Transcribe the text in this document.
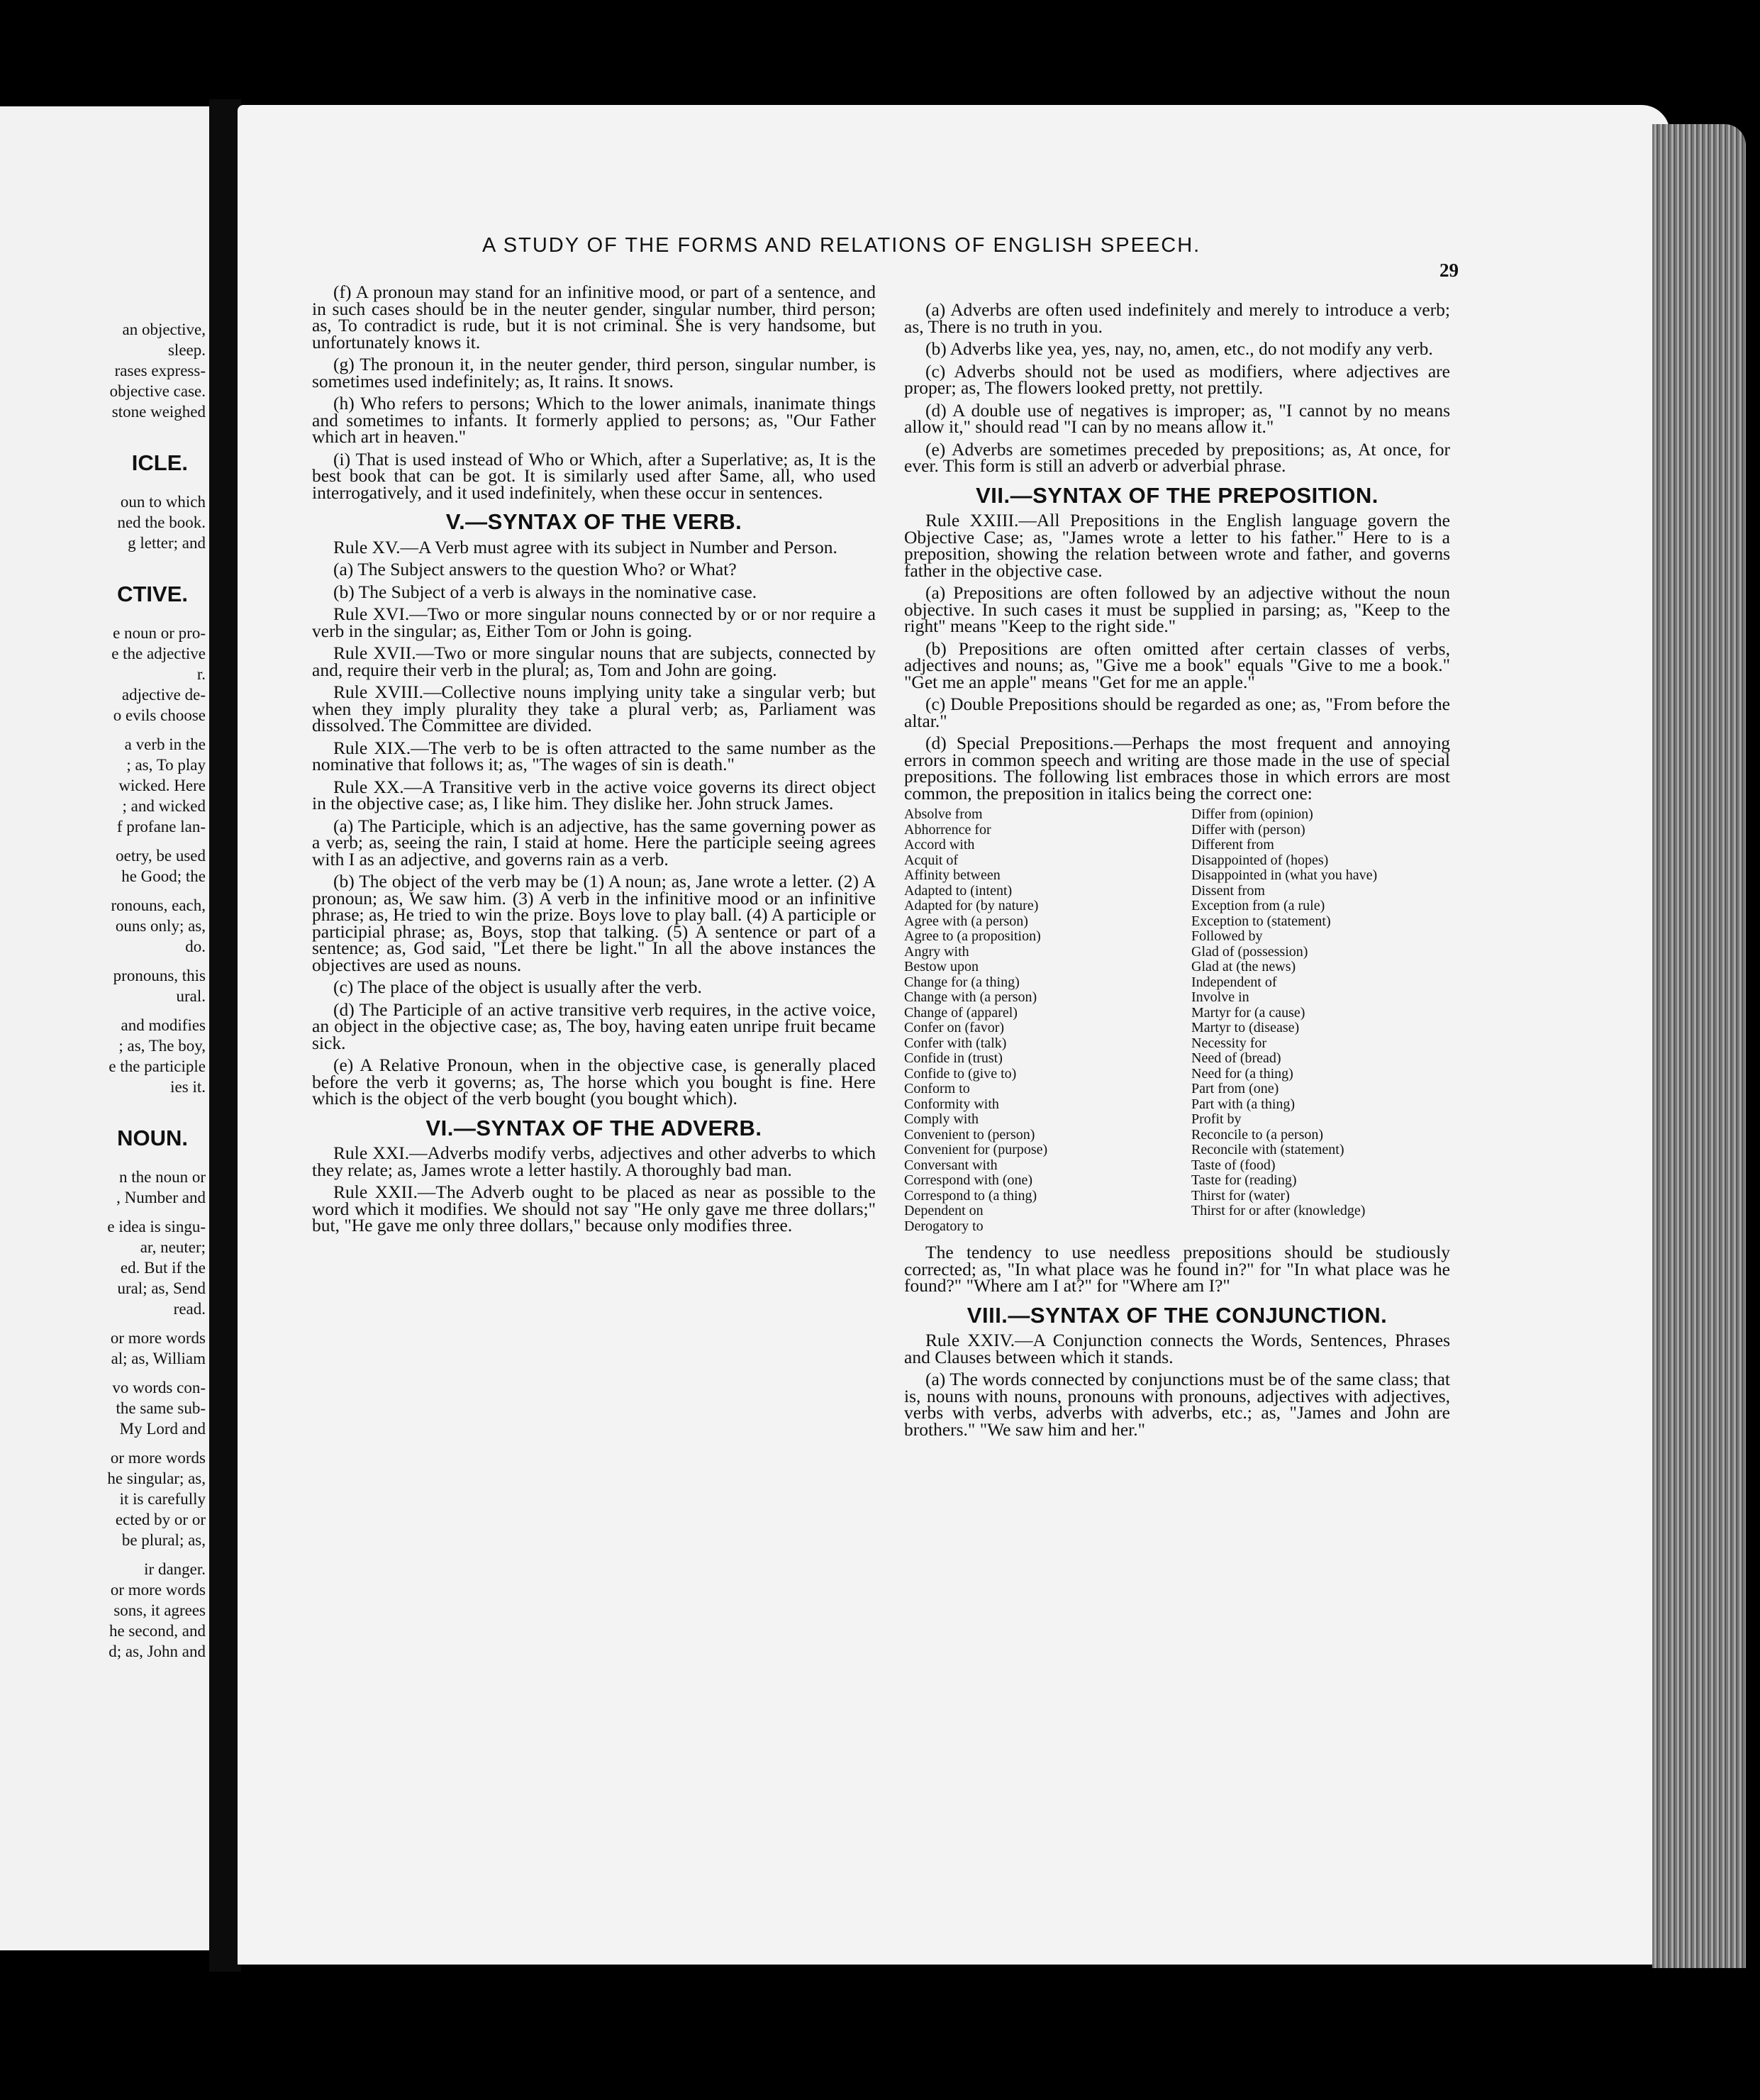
an objective,
sleep.
rases express-
objective case.
stone weighed
ICLE.
oun to which
ned the book.
g letter; and
CTIVE.
e noun or pro-
e the adjective
r.
adjective de-
o evils choose
a verb in the
; as, To play
wicked. Here
; and wicked
f profane lan-
oetry, be used
he Good; the
ronouns, each,
ouns only; as,
do.
pronouns, this
ural.
and modifies
; as, The boy,
e the participle
ies it.
NOUN.
n the noun or
, Number and
e idea is singu-
ar, neuter;
ed. But if the
ural; as, Send
read.
or more words
al; as, William
vo words con-
the same sub-
My Lord and
or more words
he singular; as,
it is carefully
ected by or or
be plural; as,
ir danger.
or more words
sons, it agrees
he second, and
d; as, John and
A STUDY OF THE FORMS AND RELATIONS OF ENGLISH SPEECH.
29

(f) A pronoun may stand for an infinitive mood, or part of a sentence, and in such cases should be in the neuter gender, singular number, third person; as, To contradict is rude, but it is not criminal. She is very handsome, but unfortunately knows it.

(g) The pronoun it, in the neuter gender, third person, singular number, is sometimes used indefinitely; as, It rains. It snows.

(h) Who refers to persons; Which to the lower animals, inanimate things and sometimes to infants. It formerly applied to persons; as, "Our Father which art in heaven."

(i) That is used instead of Who or Which, after a Superlative; as, It is the best book that can be got. It is similarly used after Same, all, who used interrogatively, and it used indefinitely, when these occur in sentences.

V.—SYNTAX OF THE VERB.

Rule XV.—A Verb must agree with its subject in Number and Person.

(a) The Subject answers to the question Who? or What?

(b) The Subject of a verb is always in the nominative case.

Rule XVI.—Two or more singular nouns connected by or or nor require a verb in the singular; as, Either Tom or John is going.

Rule XVII.—Two or more singular nouns that are subjects, connected by and, require their verb in the plural; as, Tom and John are going.

Rule XVIII.—Collective nouns implying unity take a singular verb; but when they imply plurality they take a plural verb; as, Parliament was dissolved. The Committee are divided.

Rule XIX.—The verb to be is often attracted to the same number as the nominative that follows it; as, "The wages of sin is death."

Rule XX.—A Transitive verb in the active voice governs its direct object in the objective case; as, I like him. They dislike her. John struck James.

(a) The Participle, which is an adjective, has the same governing power as a verb; as, seeing the rain, I staid at home. Here the participle seeing agrees with I as an adjective, and governs rain as a verb.

(b) The object of the verb may be (1) A noun; as, Jane wrote a letter. (2) A pronoun; as, We saw him. (3) A verb in the infinitive mood or an infinitive phrase; as, He tried to win the prize. Boys love to play ball. (4) A participle or participial phrase; as, Boys, stop that talking. (5) A sentence or part of a sentence; as, God said, "Let there be light." In all the above instances the objectives are used as nouns.

(c) The place of the object is usually after the verb.

(d) The Participle of an active transitive verb requires, in the active voice, an object in the objective case; as, The boy, having eaten unripe fruit became sick.

(e) A Relative Pronoun, when in the objective case, is generally placed before the verb it governs; as, The horse which you bought is fine. Here which is the object of the verb bought (you bought which).

VI.—SYNTAX OF THE ADVERB.

Rule XXI.—Adverbs modify verbs, adjectives and other adverbs to which they relate; as, James wrote a letter hastily. A thoroughly bad man.

Rule XXII.—The Adverb ought to be placed as near as possible to the word which it modifies. We should not say "He only gave me three dollars;" but, "He gave me only three dollars," because only modifies three.

(a) Adverbs are often used indefinitely and merely to introduce a verb; as, There is no truth in you.

(b) Adverbs like yea, yes, nay, no, amen, etc., do not modify any verb.

(c) Adverbs should not be used as modifiers, where adjectives are proper; as, The flowers looked pretty, not prettily.

(d) A double use of negatives is improper; as, "I cannot by no means allow it," should read "I can by no means allow it."

(e) Adverbs are sometimes preceded by prepositions; as, At once, for ever. This form is still an adverb or adverbial phrase.

VII.—SYNTAX OF THE PREPOSITION.

Rule XXIII.—All Prepositions in the English language govern the Objective Case; as, "James wrote a letter to his father." Here to is a preposition, showing the relation between wrote and father, and governs father in the objective case.

(a) Prepositions are often followed by an adjective without the noun objective. In such cases it must be supplied in parsing; as, "Keep to the right" means "Keep to the right side."

(b) Prepositions are often omitted after certain classes of verbs, adjectives and nouns; as, "Give me a book" equals "Give to me a book." "Get me an apple" means "Get for me an apple."

(c) Double Prepositions should be regarded as one; as, "From before the altar."

(d) Special Prepositions.—Perhaps the most frequent and annoying errors in common speech and writing are those made in the use of special prepositions. The following list embraces those in which errors are most common, the preposition in italics being the correct one:

Absolve from
Abhorrence for
Accord with
Acquit of
Affinity between
Adapted to (intent)
Adapted for (by nature)
Agree with (a person)
Agree to (a proposition)
Angry with
Bestow upon
Change for (a thing)
Change with (a person)
Change of (apparel)
Confer on (favor)
Confer with (talk)
Confide in (trust)
Confide to (give to)
Conform to
Conformity with
Comply with
Convenient to (person)
Convenient for (purpose)
Conversant with
Correspond with (one)
Correspond to (a thing)
Dependent on
Derogatory to
Differ from (opinion)
Differ with (person)
Different from
Disappointed of (hopes)
Disappointed in (what you have)
Dissent from
Exception from (a rule)
Exception to (statement)
Followed by
Glad of (possession)
Glad at (the news)
Independent of
Involve in
Martyr for (a cause)
Martyr to (disease)
Necessity for
Need of (bread)
Need for (a thing)
Part from (one)
Part with (a thing)
Profit by
Reconcile to (a person)
Reconcile with (statement)
Taste of (food)
Taste for (reading)
Thirst for (water)
Thirst for or after (knowledge)

The tendency to use needless prepositions should be studiously corrected; as, "In what place was he found in?" for "In what place was he found?" "Where am I at?" for "Where am I?"

VIII.—SYNTAX OF THE CONJUNCTION.

Rule XXIV.—A Conjunction connects the Words, Sentences, Phrases and Clauses between which it stands.

(a) The words connected by conjunctions must be of the same class; that is, nouns with nouns, pronouns with pronouns, adjectives with adjectives, verbs with verbs, adverbs with adverbs, etc.; as, "James and John are brothers." "We saw him and her."
